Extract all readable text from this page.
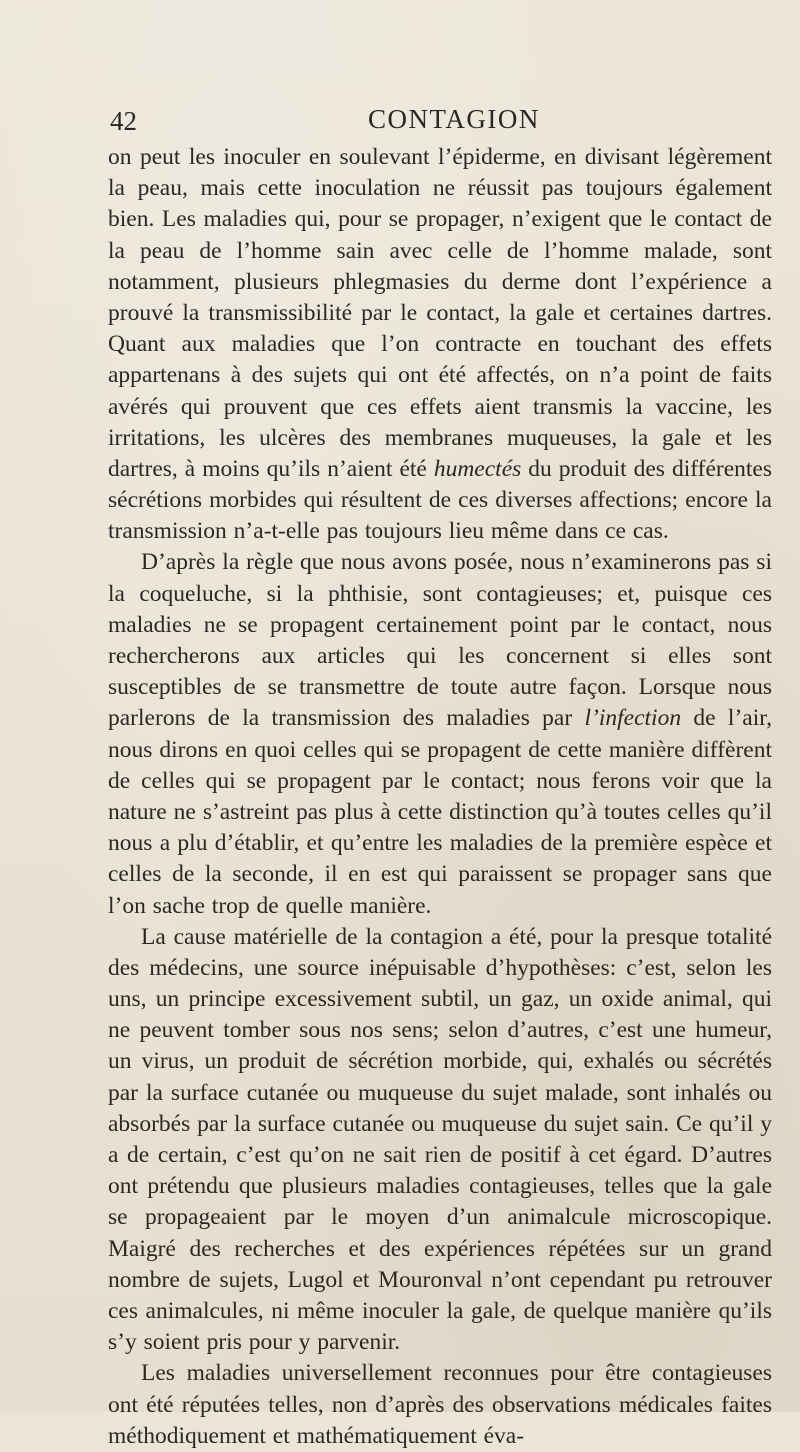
42	CONTAGION

on peut les inoculer en soulevant l’épiderme, en divisant légèrement la peau, mais cette inoculation ne réussit pas toujours également bien. Les maladies qui, pour se propager, n’exigent que le contact de la peau de l’homme sain avec celle de l’homme malade, sont notamment, plusieurs phlegmasies du derme dont l’expérience a prouvé la transmissibilité par le contact, la gale et certaines dartres. Quant aux maladies que l’on contracte en touchant des effets appartenans à des sujets qui ont été affectés, on n’a point de faits avérés qui prouvent que ces effets aient transmis la vaccine, les irritations, les ulcères des membranes muqueuses, la gale et les dartres, à moins qu’ils n’aient été humectés du produit des différentes sécrétions morbides qui résultent de ces diverses affections; encore la transmission n’a-t-elle pas toujours lieu même dans ce cas.

D’après la règle que nous avons posée, nous n’examinerons pas si la coqueluche, si la phthisie, sont contagieuses; et, puisque ces maladies ne se propagent certainement point par le contact, nous rechercherons aux articles qui les concernent si elles sont susceptibles de se transmettre de toute autre façon. Lorsque nous parlerons de la transmission des maladies par l’infection de l’air, nous dirons en quoi celles qui se propagent de cette manière diffèrent de celles qui se propagent par le contact; nous ferons voir que la nature ne s’astreint pas plus à cette distinction qu’à toutes celles qu’il nous a plu d’établir, et qu’entre les maladies de la première espèce et celles de la seconde, il en est qui paraissent se propager sans que l’on sache trop de quelle manière.

La cause matérielle de la contagion a été, pour la presque totalité des médecins, une source inépuisable d’hypothèses: c’est, selon les uns, un principe excessivement subtil, un gaz, un oxide animal, qui ne peuvent tomber sous nos sens; selon d’autres, c’est une humeur, un virus, un produit de sécrétion morbide, qui, exhalés ou sécrétés par la surface cutanée ou muqueuse du sujet malade, sont inhalés ou absorbés par la surface cutanée ou muqueuse du sujet sain. Ce qu’il y a de certain, c’est qu’on ne sait rien de positif à cet égard. D’autres ont prétendu que plusieurs maladies contagieuses, telles que la gale se propageaient par le moyen d’un animalcule microscopique. Maigré des recherches et des expériences répétées sur un grand nombre de sujets, Lugol et Mouronval n’ont cependant pu retrouver ces animalcules, ni même inoculer la gale, de quelque manière qu’ils s’y soient pris pour y parvenir.

Les maladies universellement reconnues pour être contagieuses ont été réputées telles, non d’après des observations médicales faites méthodiquement et mathématiquement éva-
